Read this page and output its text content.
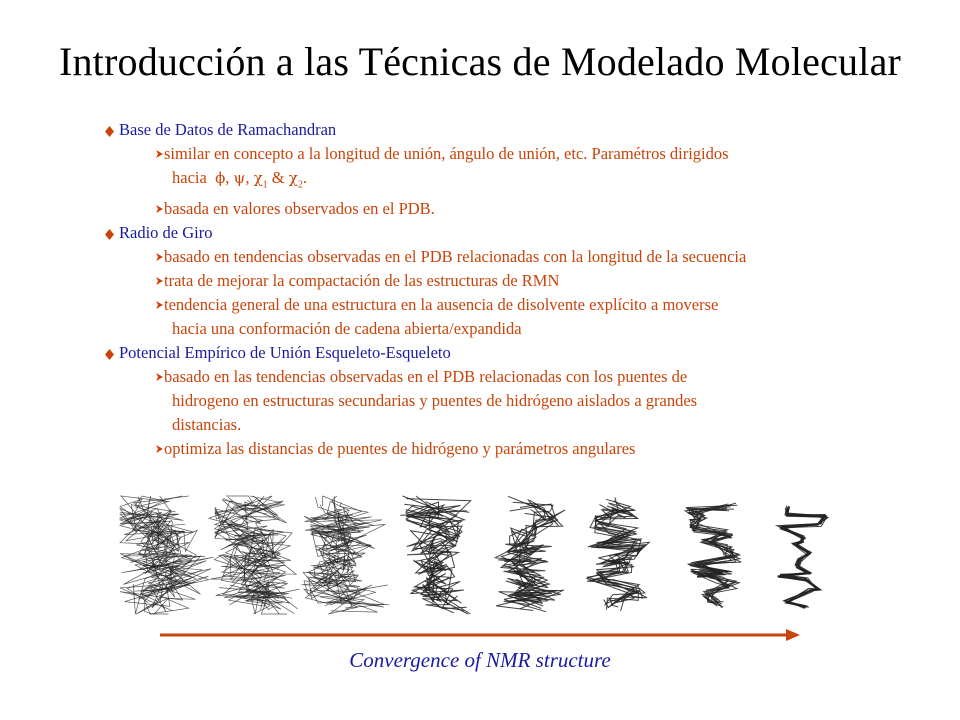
Introducción a las Técnicas de Modelado Molecular
Base de Datos de Ramachandran
similar en concepto a la longitud de unión, ángulo de unión, etc. Paramétros dirigidos
hacia ϕ, ψ, $\chi_1$ & $\chi_2$.
basada en valores observados en el PDB.
Radio de Giro
basado en tendencias observadas en el PDB relacionadas con la longitud de la secuencia
trata de mejorar la compactación de las estructuras de RMN
tendencia general de una estructura en la ausencia de disolvente explícito a moverse
hacia una conformación de cadena abierta/expandida
Potencial Empírico de Unión Esqueleto-Esqueleto
basado en las tendencias observadas en el PDB relacionadas con los puentes de
hidrogeno en estructuras secundarias y puentes de hidrógeno aislados a grandes
distancias.
optimiza las distancias de puentes de hidrógeno y parámetros angulares
Convergence of NMR structure
